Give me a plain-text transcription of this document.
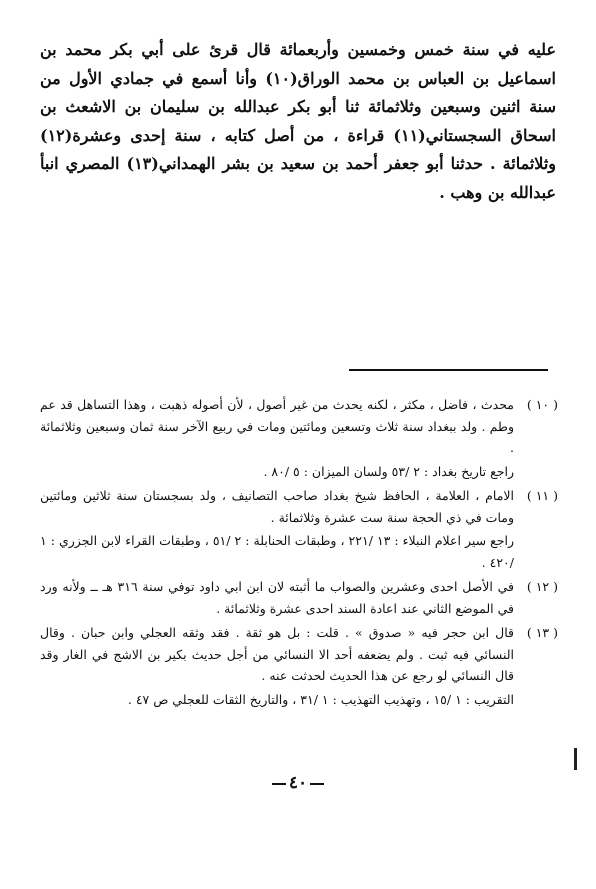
عليه في سنة خمس وخمسين وأربعمائة قال قرئ على أبي بكر محمد بن اسماعيل بن العباس بن محمد الوراق(١٠) وأنا أسمع في جمادي الأول من سنة اثنين وسبعين وثلاثمائة ثنا أبو بكر عبدالله بن سليمان بن الاشعث بن اسحاق السجستاني(١١) قراءة ، من أصل كتابه ، سنة إحدى وعشرة(١٢) وثلاثمائة . حدثنا أبو جعفر أحمد بن سعيد بن بشر الهمداني(١٣) المصري انبأ عبدالله بن وهب .

( ١٠ )

محدث ، فاضل ، مكثر ، لكنه يحدث من غير أصول ، لأن أصوله ذهبت ، وهذا التساهل قد عم وطم . ولد ببغداد سنة ثلاث وتسعين ومائتين ومات في ربيع الآخر سنة ثمان وسبعين وثلاثمائة .

راجع تاريخ بغداد : ٢ /٥٣ ولسان الميزان : ٥ /٨٠ .

( ١١ )

الامام ، العلامة ، الحافظ شيخ بغداد صاحب التصانيف ، ولد بسجستان سنة ثلاثين ومائتين ومات في ذي الحجة سنة ست عشرة وثلاثمائة .

راجع سير اعلام النبلاء : ١٣ /٢٢١ ، وطبقات الحنابلة : ٢ /٥١ ، وطبقات القراء لابن الجزري : ١ /٤٢٠ .

( ١٢ )

في الأصل احدى وعشرين والصواب ما أثبته لان ابن ابي داود توفي سنة ٣١٦ هـ ــ ولأنه ورد في الموضع الثاني عند اعادة السند احدى عشرة وثلاثمائة .

( ١٣ )

قال ابن حجر فيه « صدوق » . قلت : بل هو ثقة . فقد وثقه العجلي وابن حبان . وقال النسائي فيه ثبت . ولم يضعفه أحد الا النسائي من أجل حديث بكير بن الاشج في الغار وقد قال النسائي لو رجع عن هذا الحديث لحدثت عنه .

التقريب : ١ /١٥ ، وتهذيب التهذيب : ١ /٣١ ، والتاريخ الثقات للعجلي ص ٤٧ .

٤٠
